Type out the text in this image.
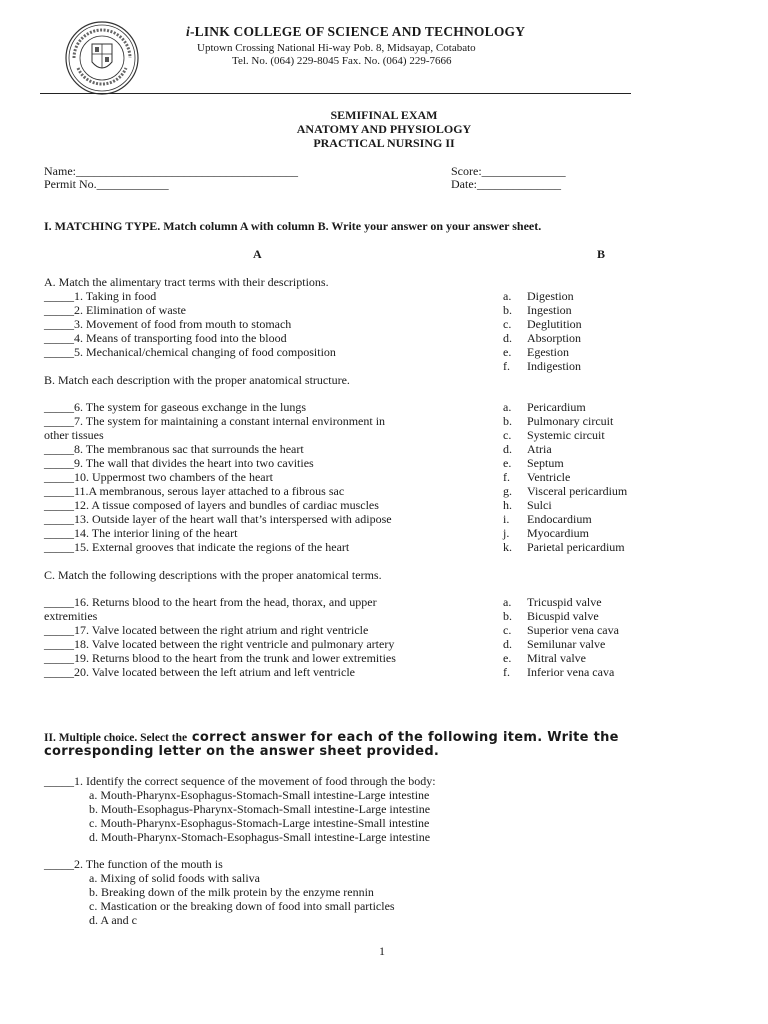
i-LINK COLLEGE OF SCIENCE AND TECHNOLOGY
Uptown Crossing National Hi-way Pob. 8, Midsayap, Cotabato
Tel. No. (064) 229-8045 Fax. No. (064) 229-7666
SEMIFINAL EXAM
ANATOMY AND PHYSIOLOGY
PRACTICAL NURSING II
Name:_____________________________________
Permit No.____________
Score:______________
Date:______________
I. MATCHING TYPE. Match column A with column B. Write your answer on your answer sheet.
A	B
A. Match the alimentary tract terms with their descriptions.
_____1. Taking in food
_____2. Elimination of waste
_____3. Movement of food from mouth to stomach
_____4. Means of transporting food into the blood
_____5. Mechanical/chemical changing of food composition
a. Digestion
b. Ingestion
c. Deglutition
d. Absorption
e. Egestion
f. Indigestion
B. Match each description with the proper anatomical structure.
_____6. The system for gaseous exchange in the lungs
_____7. The system for maintaining a constant internal environment in
other tissues
_____8. The membranous sac that surrounds the heart
_____9. The wall that divides the heart into two cavities
_____10. Uppermost two chambers of the heart
_____11.A membranous, serous layer attached to a fibrous sac
_____12. A tissue composed of layers and bundles of cardiac muscles
_____13. Outside layer of the heart wall that’s interspersed with adipose
_____14. The interior lining of the heart
_____15. External grooves that indicate the regions of the heart
a. Pericardium
b. Pulmonary circuit
c. Systemic circuit
d. Atria
e. Septum
f. Ventricle
g. Visceral pericardium
h. Sulci
i. Endocardium
j. Myocardium
k. Parietal pericardium
C. Match the following descriptions with the proper anatomical terms.
_____16. Returns blood to the heart from the head, thorax, and upper
extremities
_____17. Valve located between the right atrium and right ventricle
_____18. Valve located between the right ventricle and pulmonary artery
_____19. Returns blood to the heart from the trunk and lower extremities
_____20. Valve located between the left atrium and left ventricle
a. Tricuspid valve
b. Bicuspid valve
c. Superior vena cava
d. Semilunar valve
e. Mitral valve
f. Inferior vena cava
II. Multiple choice. Select the correct answer for each of the following item. Write the
corresponding letter on the answer sheet provided.
_____1. Identify the correct sequence of the movement of food through the body:
a. Mouth-Pharynx-Esophagus-Stomach-Small intestine-Large intestine
b. Mouth-Esophagus-Pharynx-Stomach-Small intestine-Large intestine
c. Mouth-Pharynx-Esophagus-Stomach-Large intestine-Small intestine
d. Mouth-Pharynx-Stomach-Esophagus-Small intestine-Large intestine
_____2. The function of the mouth is
a. Mixing of solid foods with saliva
b. Breaking down of the milk protein by the enzyme rennin
c. Mastication or the breaking down of food into small particles
d. A and c
1
